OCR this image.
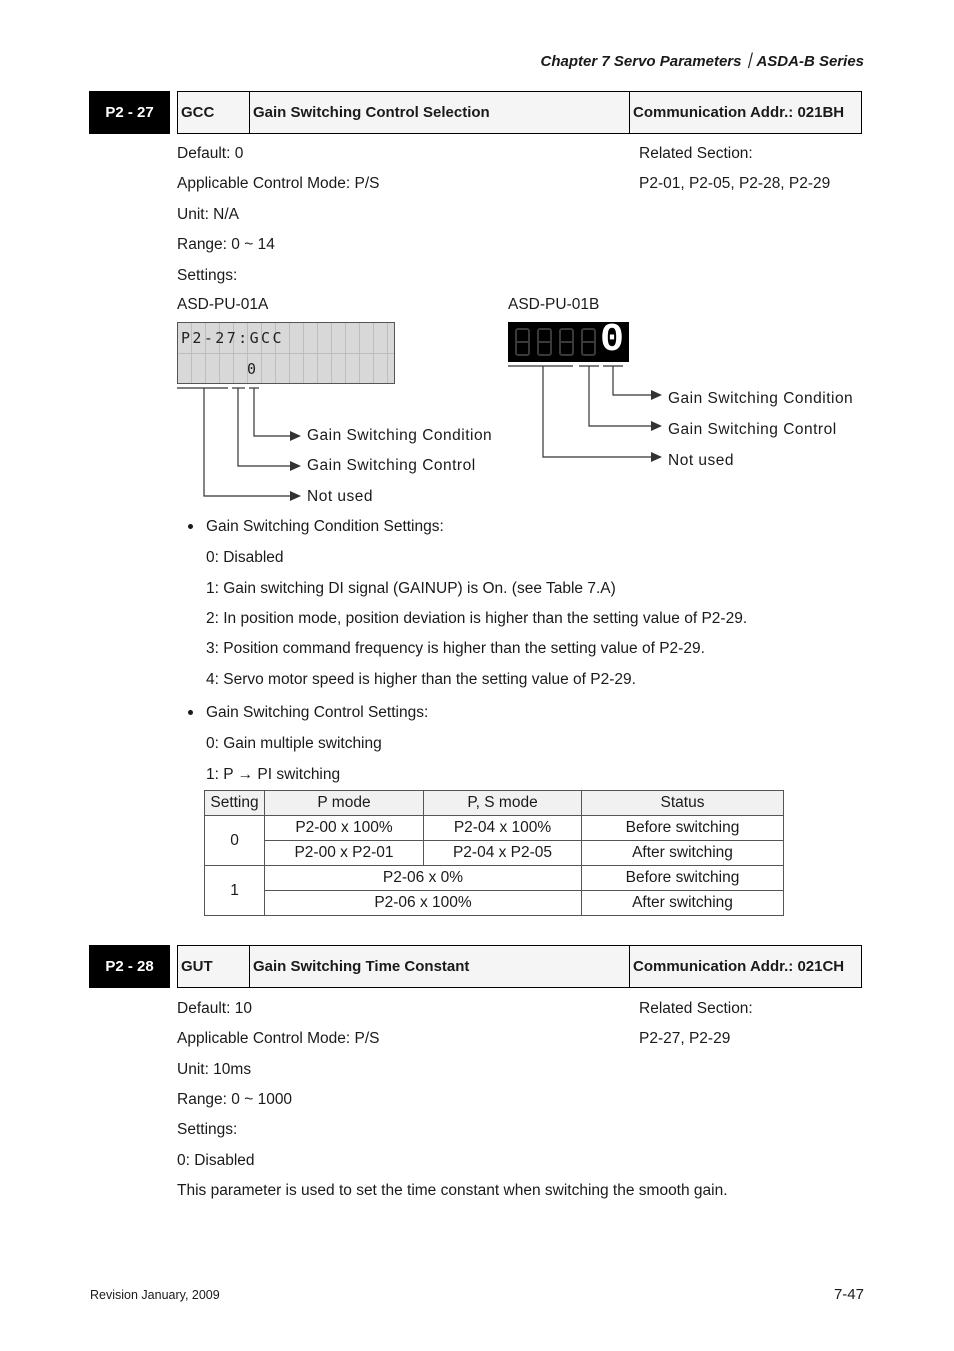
Chapter 7 Servo Parameters｜ASDA-B Series
P2 - 27	GCC	Gain Switching Control Selection	Communication Addr.: 021BH
Default: 0
Applicable Control Mode: P/S
Unit: N/A
Range: 0 ~ 14
Settings:
Related Section:
P2-01, P2-05, P2-28, P2-29
ASD-PU-01A
P2-27:GCC
0
Gain Switching Condition
Gain Switching Control
Not used
ASD-PU-01B
0
Gain Switching Condition
Gain Switching Control
Not used
Gain Switching Condition Settings:
0: Disabled
1: Gain switching DI signal (GAINUP) is On. (see Table 7.A)
2: In position mode, position deviation is higher than the setting value of P2-29.
3: Position command frequency is higher than the setting value of P2-29.
4: Servo motor speed is higher than the setting value of P2-29.
Gain Switching Control Settings:
0: Gain multiple switching
1: P → PI switching
Setting	P mode	P, S mode	Status
0	P2-00 x 100%	P2-04 x 100%	Before switching
	P2-00 x P2-01	P2-04 x P2-05	After switching
1	P2-06 x 0%		Before switching
	P2-06 x 100%		After switching
P2 - 28	GUT	Gain Switching Time Constant	Communication Addr.: 021CH
Default: 10
Applicable Control Mode: P/S
Unit: 10ms
Range: 0 ~ 1000
Settings:
0: Disabled
This parameter is used to set the time constant when switching the smooth gain.
Related Section:
P2-27, P2-29
Revision January, 2009	7-47
